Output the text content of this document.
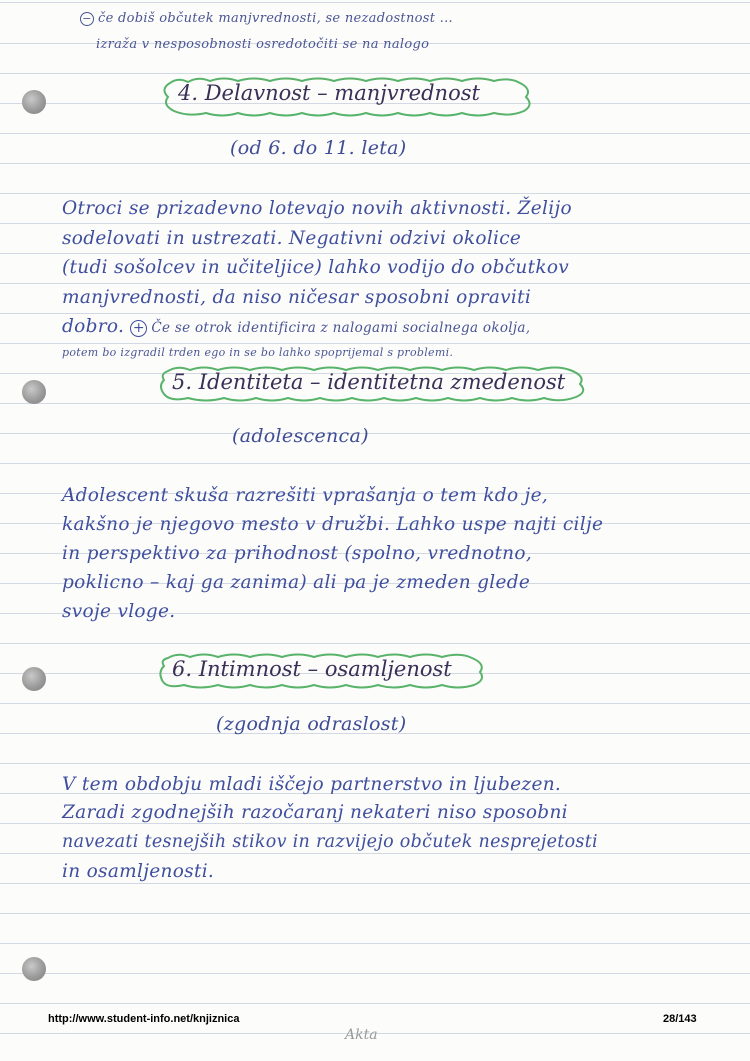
− če dobiš občutek manjvrednosti, se nezadostnost ...
izraža v nesposobnosti osredotočiti se na nalogo
4. Delavnost – manjvrednost
(od 6. do 11. leta)
Otroci se prizadevno lotevajo novih aktivnosti. Želijo
sodelovati in ustrezati. Negativni odzivi okolice
(tudi sošolcev in učiteljice) lahko vodijo do občutkov
manjvrednosti, da niso ničesar sposobni opraviti
dobro. + Če se otrok identificira z nalogami socialnega okolja,
potem bo izgradil trden ego in se bo lahko spoprijemal s problemi.
5. Identiteta – identitetna zmedenost
(adolescenca)
Adolescent skuša razrešiti vprašanja o tem kdo je,
kakšno je njegovo mesto v družbi. Lahko uspe najti cilje
in perspektivo za prihodnost (spolno, vrednotno,
poklicno – kaj ga zanima) ali pa je zmeden glede
svoje vloge.
6. Intimnost – osamljenost
(zgodnja odraslost)
V tem obdobju mladi iščejo partnerstvo in ljubezen.
Zaradi zgodnejših razočaranj nekateri niso sposobni
navezati tesnejših stikov in razvijejo občutek nesprejetosti
in osamljenosti.
http://www.student-info.net/knjiznica	28/143
Akta
